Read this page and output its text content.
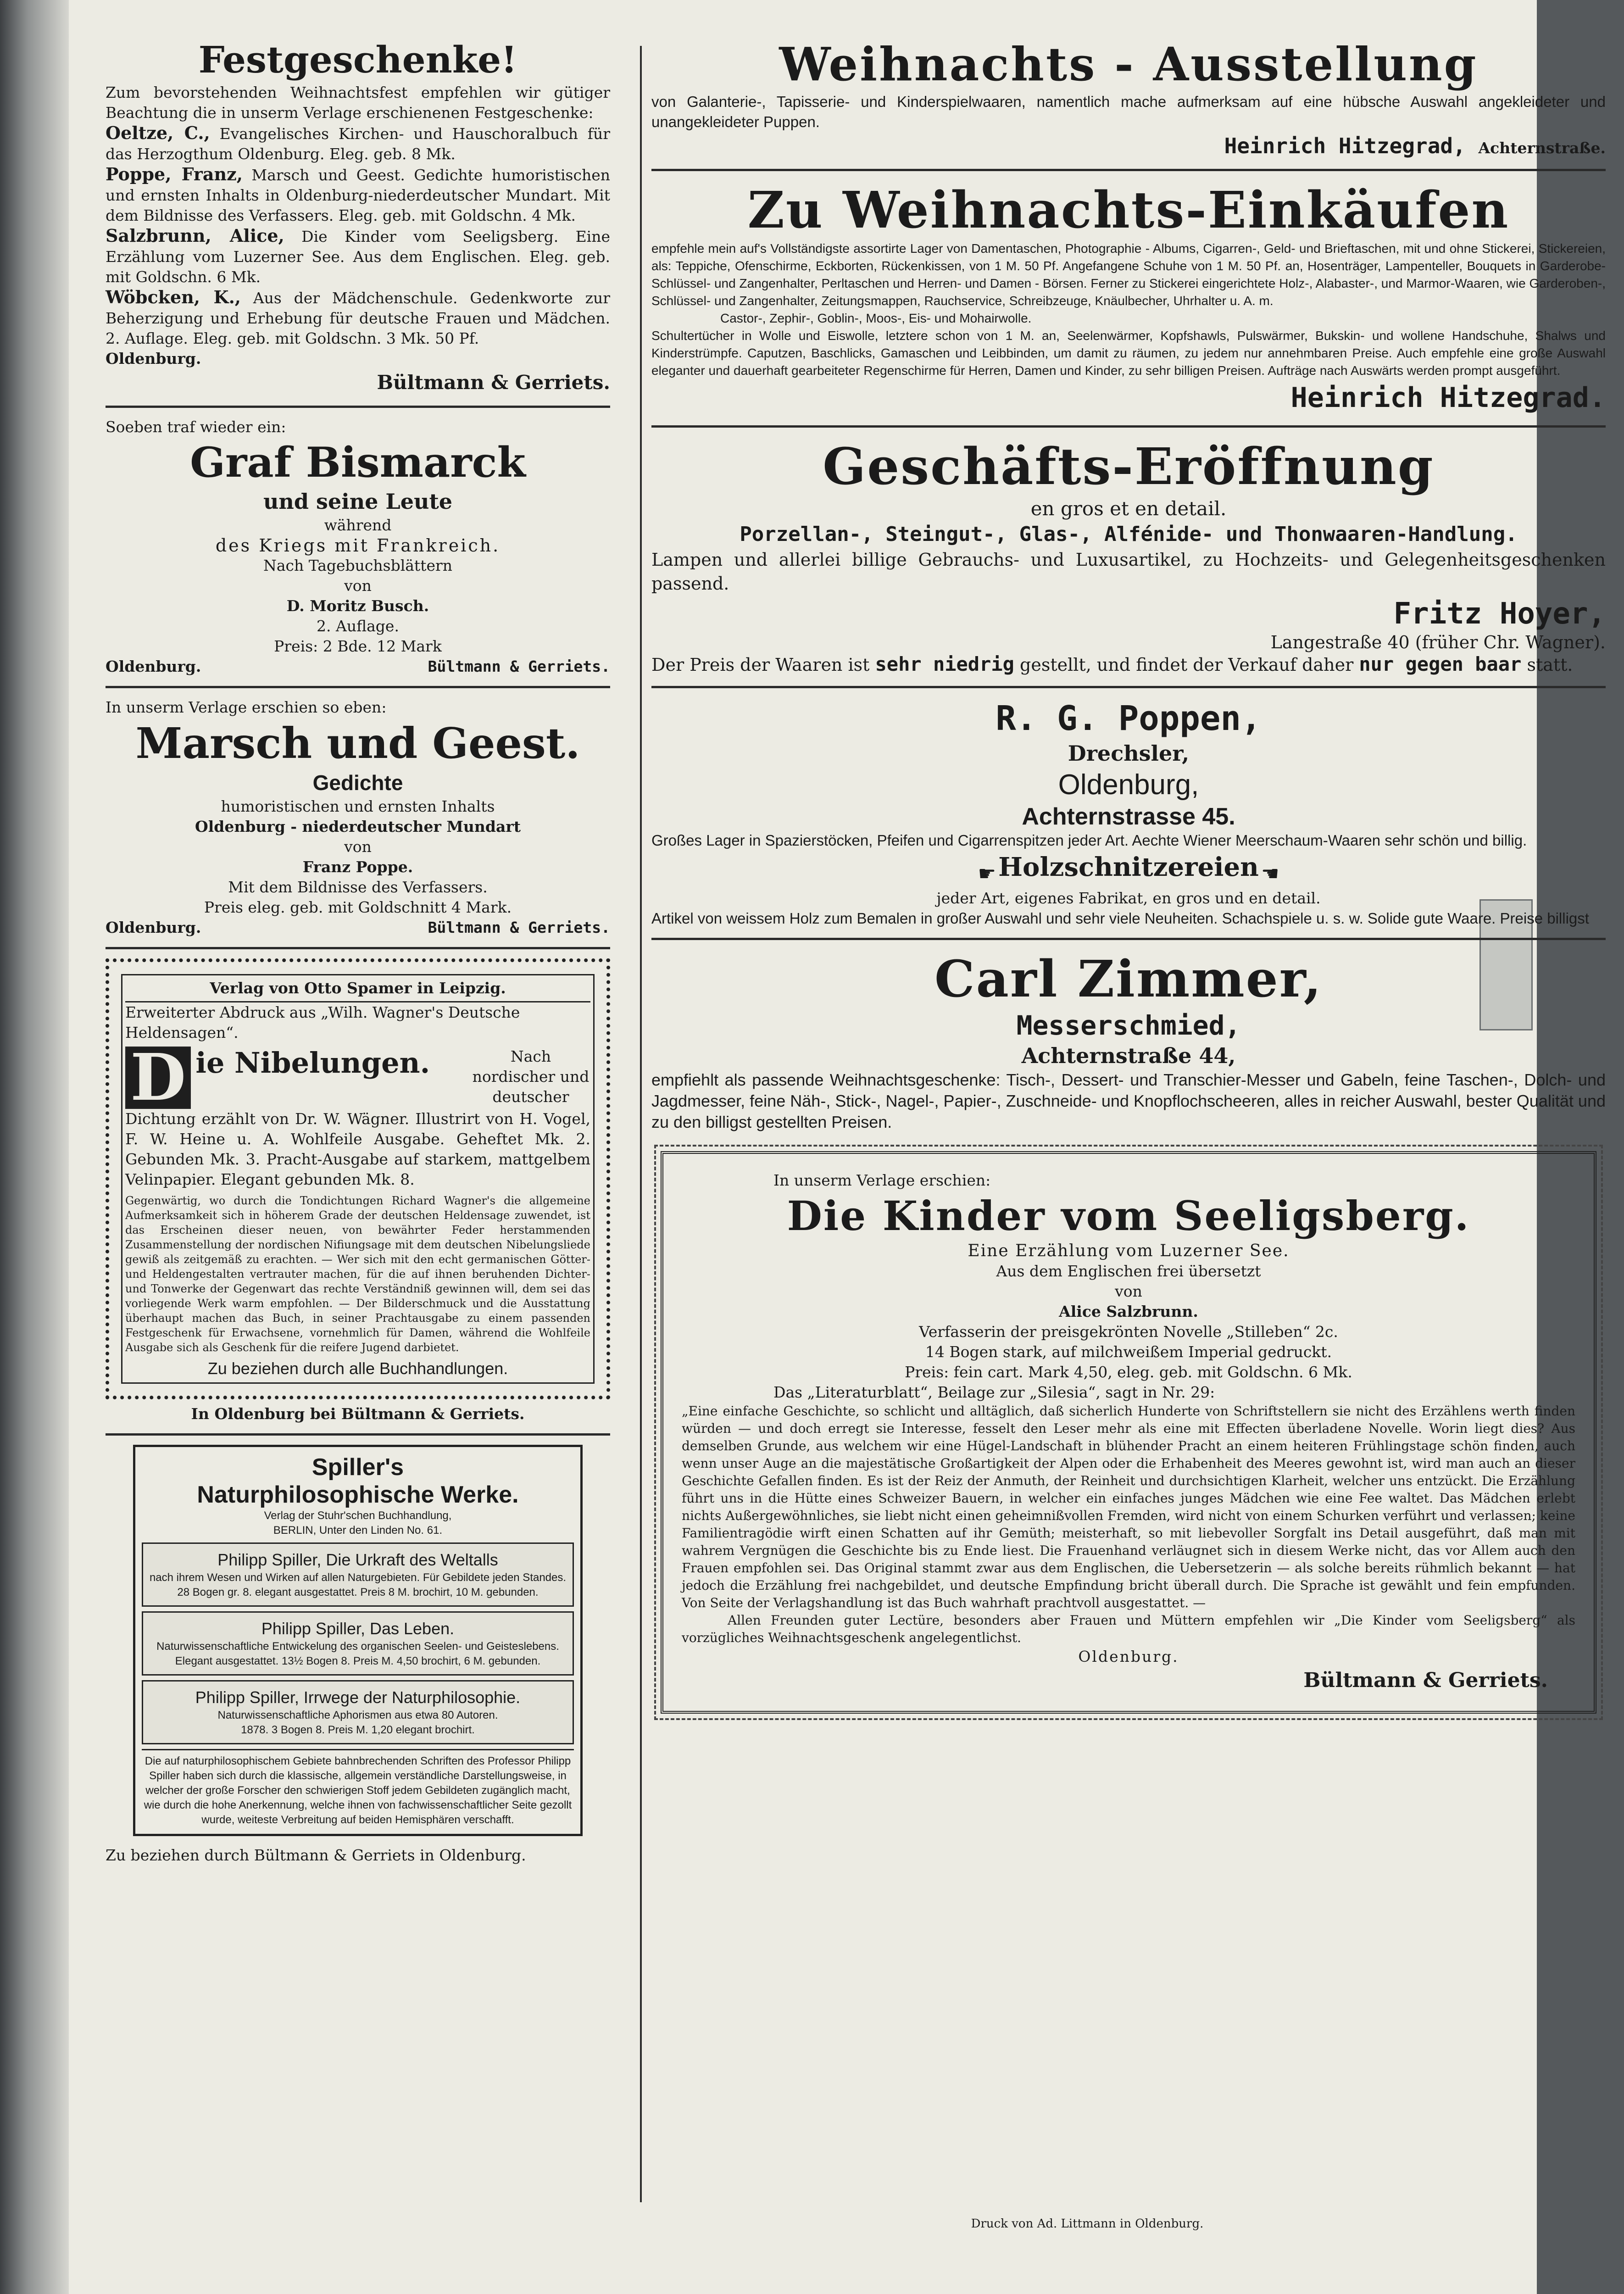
Festgeschenke!

Zum bevorstehenden Weihnachtsfest empfehlen wir gütiger Beachtung die in unserm Verlage erschienenen Festgeschenke:

Oeltze, C., Evangelisches Kirchen- und Hauschoralbuch für das Herzogthum Oldenburg. Eleg. geb. 8 Mk.

Poppe, Franz, Marsch und Geest. Gedichte humoristischen und ernsten Inhalts in Oldenburg-niederdeutscher Mundart. Mit dem Bildnisse des Verfassers. Eleg. geb. mit Goldschn. 4 Mk.

Salzbrunn, Alice, Die Kinder vom Seeligsberg. Eine Erzählung vom Luzerner See. Aus dem Englischen. Eleg. geb. mit Goldschn. 6 Mk.

Wöbcken, K., Aus der Mädchenschule. Gedenkworte zur Beherzigung und Erhebung für deutsche Frauen und Mädchen. 2. Auflage. Eleg. geb. mit Goldschn. 3 Mk. 50 Pf.

Oldenburg.

Bültmann & Gerriets.

Soeben traf wieder ein:

Graf Bismarck
und seine Leute
während
des Kriegs mit Frankreich.
Nach Tagebuchsblättern
von
D. Moritz Busch.
2. Auflage.
Preis: 2 Bde. 12 Mark
Oldenburg.	Bültmann & Gerriets.

In unserm Verlage erschien so eben:

Marsch und Geest.
Gedichte
humoristischen und ernsten Inhalts
Oldenburg - niederdeutscher Mundart
von
Franz Poppe.
Mit dem Bildnisse des Verfassers.
Preis eleg. geb. mit Goldschnitt 4 Mark.
Oldenburg.	Bültmann & Gerriets.
Verlag von Otto Spamer in Leipzig.

Erweiterter Abdruck aus „Wilh. Wagner's Deutsche Heldensagen“.

D ie Nibelungen.	Nach nordischer und deutscher

Dichtung erzählt von Dr. W. Wägner. Illustrirt von H. Vogel, F. W. Heine u. A. Wohlfeile Ausgabe. Geheftet Mk. 2. Gebunden Mk. 3. Pracht-Ausgabe auf starkem, mattgelbem Velinpapier. Elegant gebunden Mk. 8.

Gegenwärtig, wo durch die Tondichtungen Richard Wagner's die allgemeine Aufmerksamkeit sich in höherem Grade der deutschen Heldensage zuwendet, ist das Erscheinen dieser neuen, von bewährter Feder herstammenden Zusammenstellung der nordischen Nifiungsage mit dem deutschen Nibelungsliede gewiß als zeitgemäß zu erachten. — Wer sich mit den echt germanischen Götter- und Heldengestalten vertrauter machen, für die auf ihnen beruhenden Dichter- und Tonwerke der Gegenwart das rechte Verständniß gewinnen will, dem sei das vorliegende Werk warm empfohlen. — Der Bilderschmuck und die Ausstattung überhaupt machen das Buch, in seiner Prachtausgabe zu einem passenden Festgeschenk für Erwachsene, vornehmlich für Damen, während die Wohlfeile Ausgabe sich als Geschenk für die reifere Jugend darbietet.

Zu beziehen durch alle Buchhandlungen.

In Oldenburg bei Bültmann & Gerriets.

Spiller's
Naturphilosophische Werke.
Verlag der Stuhr'schen Buchhandlung,
BERLIN, Unter den Linden No. 61.
Philipp Spiller, Die Urkraft des Weltalls
nach ihrem Wesen und Wirken auf allen Naturgebieten. Für Gebildete jeden Standes.
28 Bogen gr. 8. elegant ausgestattet. Preis 8 M. brochirt, 10 M. gebunden.
Philipp Spiller, Das Leben.
Naturwissenschaftliche Entwickelung des organischen Seelen- und Geisteslebens.
Elegant ausgestattet. 13½ Bogen 8. Preis M. 4,50 brochirt, 6 M. gebunden.
Philipp Spiller, Irrwege der Naturphilosophie.
Naturwissenschaftliche Aphorismen aus etwa 80 Autoren.
1878. 3 Bogen 8. Preis M. 1,20 elegant brochirt.

Die auf naturphilosophischem Gebiete bahnbrechenden Schriften des Professor Philipp Spiller haben sich durch die klassische, allgemein verständliche Darstellungsweise, in welcher der große Forscher den schwierigen Stoff jedem Gebildeten zugänglich macht, wie durch die hohe Anerkennung, welche ihnen von fachwissenschaftlicher Seite gezollt wurde, weiteste Verbreitung auf beiden Hemisphären verschafft.

Zu beziehen durch Bültmann & Gerriets in Oldenburg.

Weihnachts - Ausstellung

von Galanterie-, Tapisserie- und Kinderspielwaaren, namentlich mache aufmerksam auf eine hübsche Auswahl angekleideter und unangekleideter Puppen.

Heinrich Hitzegrad, Achternstraße.

Zu Weihnachts-Einkäufen

empfehle mein auf's Vollständigste assortirte Lager von Damentaschen, Photographie - Albums, Cigarren-, Geld- und Brieftaschen, mit und ohne Stickerei, Stickereien, als: Teppiche, Ofenschirme, Eckborten, Rückenkissen, von 1 M. 50 Pf. Angefangene Schuhe von 1 M. 50 Pf. an, Hosenträger, Lampenteller, Bouquets in Garderobe-Schlüssel- und Zangenhalter, Perltaschen und Herren- und Damen - Börsen. Ferner zu Stickerei eingerichtete Holz-, Alabaster-, und Marmor-Waaren, wie Garderoben-, Schlüssel- und Zangenhalter, Zeitungsmappen, Rauchservice, Schreibzeuge, Knäulbecher, Uhrhalter u. A. m.

Castor-, Zephir-, Goblin-, Moos-, Eis- und Mohairwolle.

Schultertücher in Wolle und Eiswolle, letztere schon von 1 M. an, Seelenwärmer, Kopfshawls, Pulswärmer, Bukskin- und wollene Handschuhe, Shalws und Kinderstrümpfe. Caputzen, Baschlicks, Gamaschen und Leibbinden, um damit zu räumen, zu jedem nur annehmbaren Preise. Auch empfehle eine große Auswahl eleganter und dauerhaft gearbeiteter Regenschirme für Herren, Damen und Kinder, zu sehr billigen Preisen. Aufträge nach Auswärts werden prompt ausgeführt.

Heinrich Hitzegrad.

Geschäfts-Eröffnung
en gros et en detail.
Porzellan-, Steingut-, Glas-, Alfénide- und Thonwaaren-Handlung.

Lampen und allerlei billige Gebrauchs- und Luxusartikel, zu Hochzeits- und Gelegenheitsgeschenken passend.

Fritz Hoyer,

Langestraße 40 (früher Chr. Wagner).

Der Preis der Waaren ist sehr niedrig gestellt, und findet der Verkauf daher nur gegen baar statt.

R. G. Poppen,
Drechsler,
Oldenburg,
Achternstrasse 45.

Großes Lager in Spazierstöcken, Pfeifen und Cigarrenspitzen jeder Art. Aechte Wiener Meerschaum-Waaren sehr schön und billig.

☛ Holzschnitzereien ☚
jeder Art, eigenes Fabrikat, en gros und en detail.

Artikel von weissem Holz zum Bemalen in großer Auswahl und sehr viele Neuheiten. Schachspiele u. s. w. Solide gute Waare. Preise billigst

Carl Zimmer,
Messerschmied,
Achternstraße 44,

empfiehlt als passende Weihnachtsgeschenke: Tisch-, Dessert- und Transchier-Messer und Gabeln, feine Taschen-, Dolch- und Jagdmesser, feine Näh-, Stick-, Nagel-, Papier-, Zuschneide- und Knopflochscheeren, alles in reicher Auswahl, bester Qualität und zu den billigst gestellten Preisen.

In unserm Verlage erschien:

Die Kinder vom Seeligsberg.
Eine Erzählung vom Luzerner See.
Aus dem Englischen frei übersetzt
von
Alice Salzbrunn.
Verfasserin der preisgekrönten Novelle „Stilleben“ 2c.
14 Bogen stark, auf milchweißem Imperial gedruckt.
Preis: fein cart. Mark 4,50, eleg. geb. mit Goldschn. 6 Mk.

Das „Literaturblatt“, Beilage zur „Silesia“, sagt in Nr. 29:

„Eine einfache Geschichte, so schlicht und alltäglich, daß sicherlich Hunderte von Schriftstellern sie nicht des Erzählens werth finden würden — und doch erregt sie Interesse, fesselt den Leser mehr als eine mit Effecten überladene Novelle. Worin liegt dies? Aus demselben Grunde, aus welchem wir eine Hügel-Landschaft in blühender Pracht an einem heiteren Frühlingstage schön finden, auch wenn unser Auge an die majestätische Großartigkeit der Alpen oder die Erhabenheit des Meeres gewohnt ist, wird man auch an dieser Geschichte Gefallen finden. Es ist der Reiz der Anmuth, der Reinheit und durchsichtigen Klarheit, welcher uns entzückt. Die Erzählung führt uns in die Hütte eines Schweizer Bauern, in welcher ein einfaches junges Mädchen wie eine Fee waltet. Das Mädchen erlebt nichts Außergewöhnliches, sie liebt nicht einen geheimnißvollen Fremden, wird nicht von einem Schurken verführt und verlassen; keine Familientragödie wirft einen Schatten auf ihr Gemüth; meisterhaft, so mit liebevoller Sorgfalt ins Detail ausgeführt, daß man mit wahrem Vergnügen die Geschichte bis zu Ende liest. Die Frauenhand verläugnet sich in diesem Werke nicht, das vor Allem auch den Frauen empfohlen sei. Das Original stammt zwar aus dem Englischen, die Uebersetzerin — als solche bereits rühmlich bekannt — hat jedoch die Erzählung frei nachgebildet, und deutsche Empfindung bricht überall durch. Die Sprache ist gewählt und fein empfunden. Von Seite der Verlagshandlung ist das Buch wahrhaft prachtvoll ausgestattet. —

Allen Freunden guter Lectüre, besonders aber Frauen und Müttern empfehlen wir „Die Kinder vom Seeligsberg“ als vorzügliches Weihnachtsgeschenk angelegentlichst.

Oldenburg.

Bültmann & Gerriets.

Druck von Ad. Littmann in Oldenburg.
